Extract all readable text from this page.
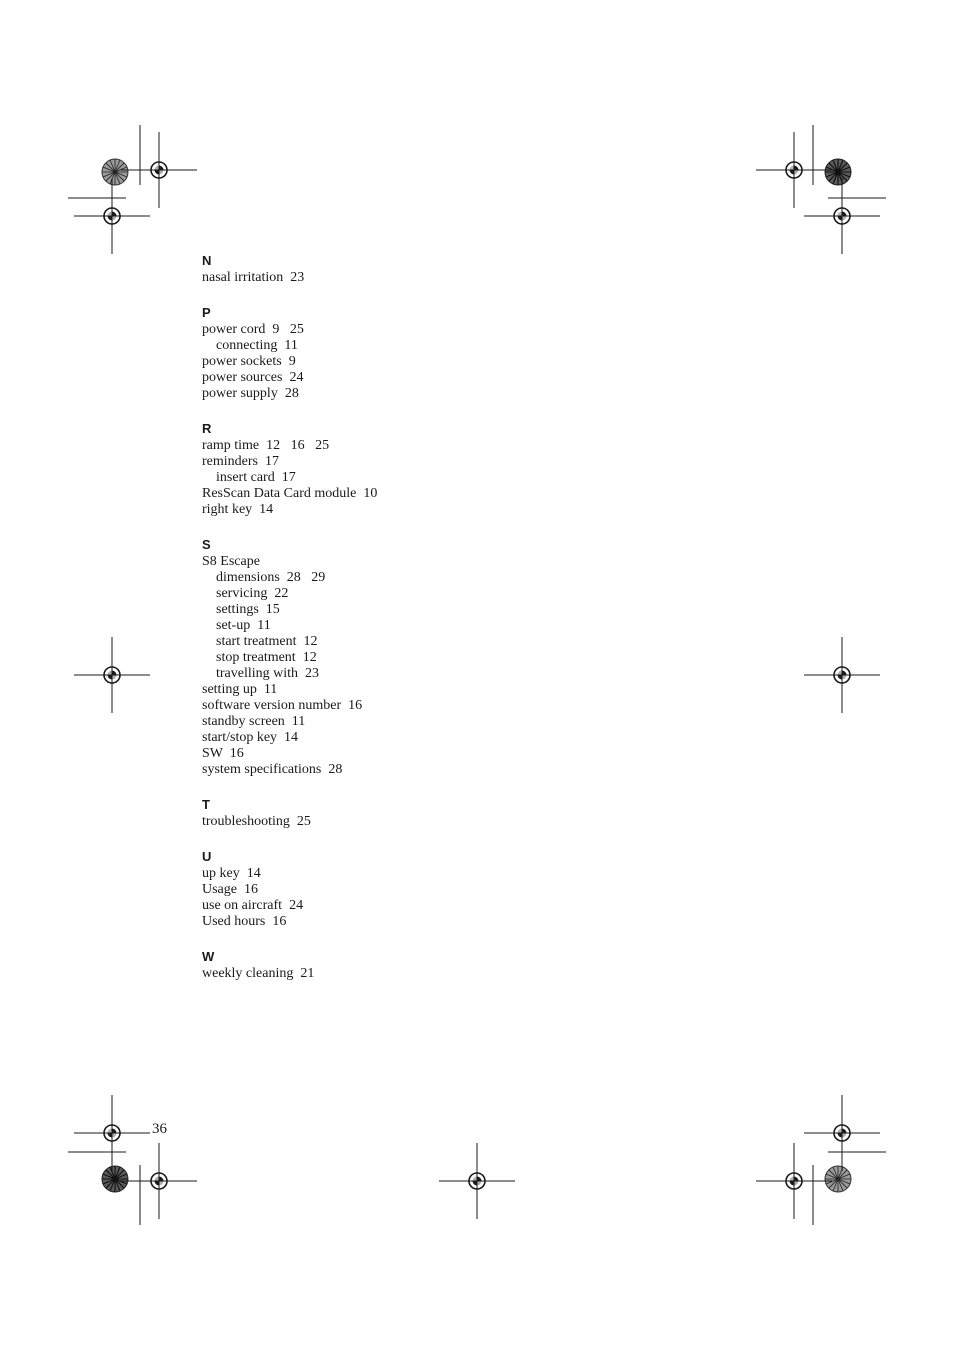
N
nasal irritation  23
P
power cord  9   25
connecting  11
power sockets  9
power sources  24
power supply  28
R
ramp time  12   16   25
reminders  17
insert card  17
ResScan Data Card module  10
right key  14
S
S8 Escape
dimensions  28   29
servicing  22
settings  15
set-up  11
start treatment  12
stop treatment  12
travelling with  23
setting up  11
software version number  16
standby screen  11
start/stop key  14
SW  16
system specifications  28
T
troubleshooting  25
U
up key  14
Usage  16
use on aircraft  24
Used hours  16
W
weekly cleaning  21
36
